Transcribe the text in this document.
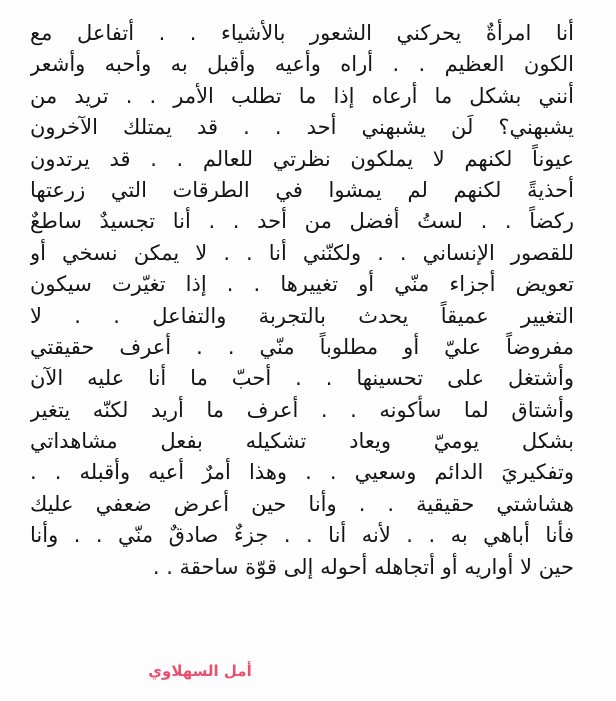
أنا امرأةٌ يحركني الشعور بالأشياء . . أتفاعل مع
الكون العظيم . . أراه وأعيه وأقبل به وأحبه وأشعر
أنني بشكل ما أرعاه إذا ما تطلب الأمر . . تريد من
يشبهني؟ لَن يشبهني أحد . . قد يمتلك الآخرون
عيوناً لكنهم لا يملكون نظرتي للعالم . . قد يرتدون
أحذيةً لكنهم لم يمشوا في الطرقات التي زرعتها
ركضاً . . لستُ أفضل من أحد . . أنا تجسيدٌ ساطعٌ
للقصور الإنساني . . ولكنّني أنا . . لا يمكن نسخي أو
تعويض أجزاء منّي أو تغييرها . . إذا تغيّرت سيكون
التغيير عميقاً يحدث بالتجربة والتفاعل . . لا
مفروضاً عليّ أو مطلوباً منّي . . أعرف حقيقتي
وأشتغل على تحسينها . . أحبّ ما أنا عليه الآن
وأشتاق لما سأكونه . . أعرف ما أريد لكنّه يتغير
بشكل يوميّ ويعاد تشكيله بفعل مشاهداتي
وتفكيريَ الدائم وسعيي . . وهذا أمرٌ أعيه وأقبله . .
هشاشتي حقيقية . . وأنا حين أعرض ضعفي عليك
فأنا أباهي به . . لأنه أنا . . جزءٌ صادقٌ منّي . . وأنا
حين لا أواريه أو أتجاهله أحوله إلى قوّة ساحقة . .
أمل السهلاوي
